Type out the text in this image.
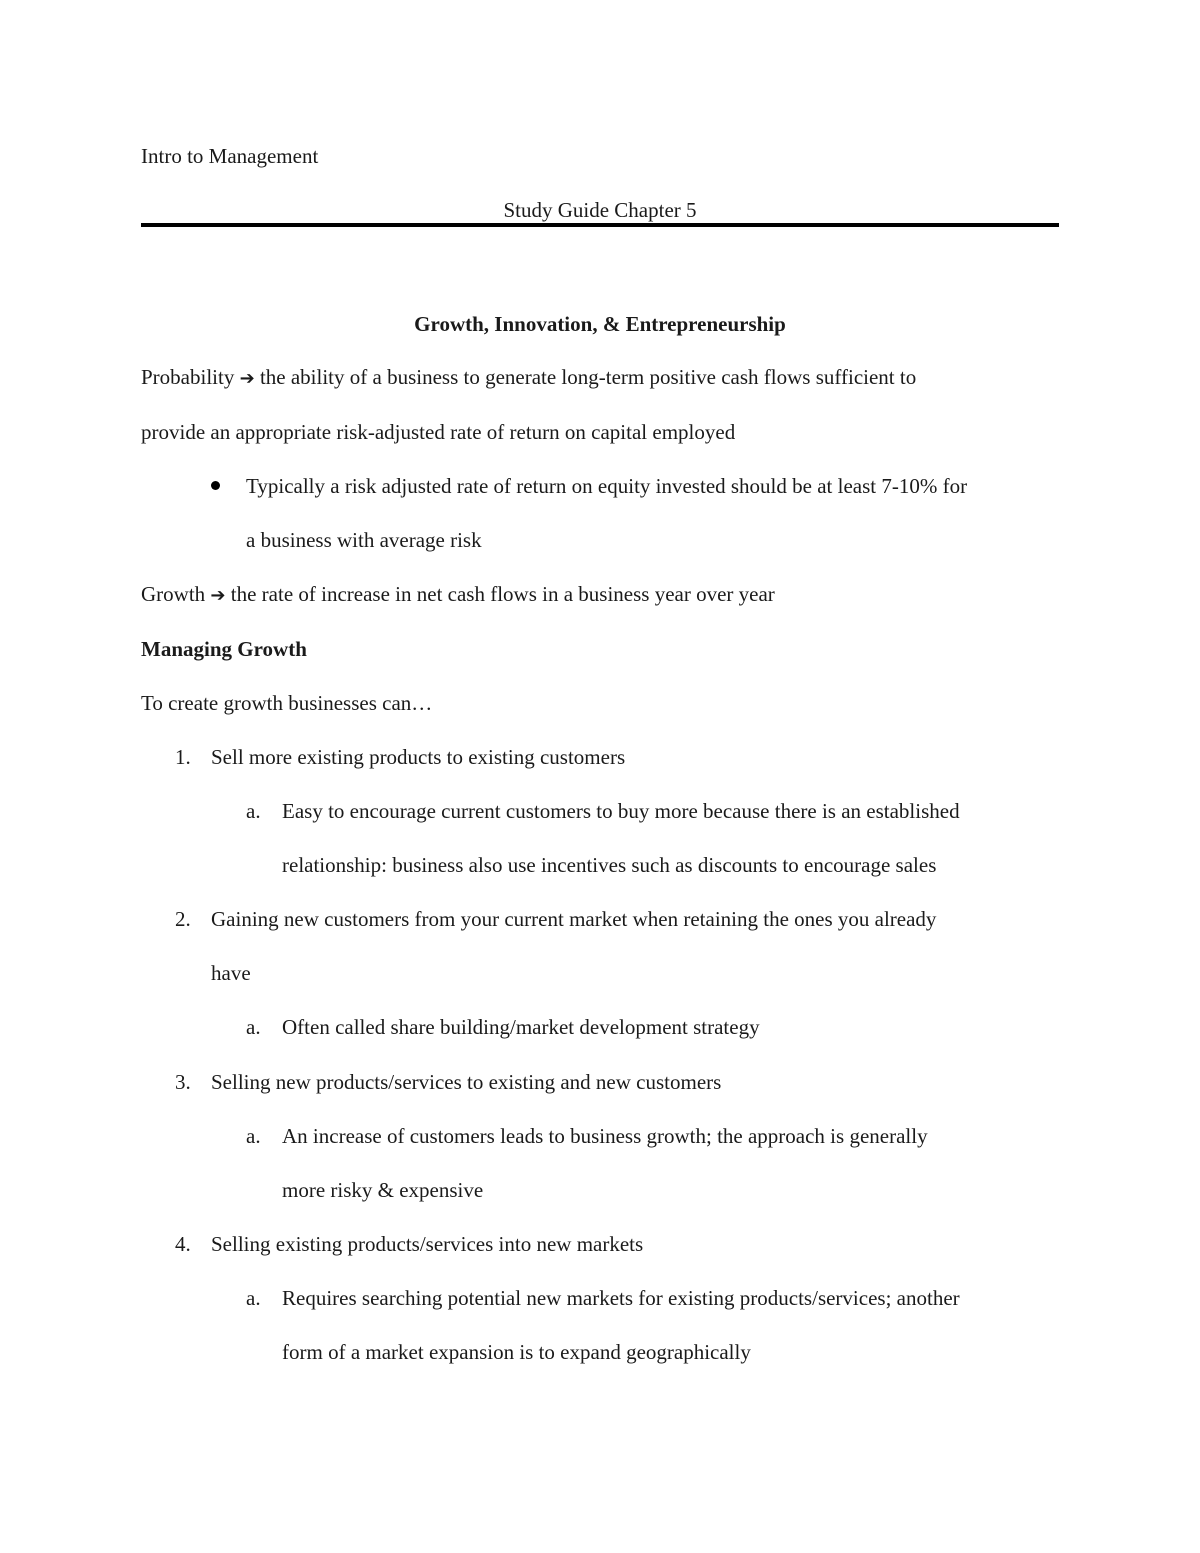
Intro to Management
Study Guide Chapter 5
Growth, Innovation, & Entrepreneurship
Probability ➔ the ability of a business to generate long-term positive cash flows sufficient to
provide an appropriate risk-adjusted rate of return on capital employed
Typically a risk adjusted rate of return on equity invested should be at least 7-10% for
a business with average risk
Growth ➔ the rate of increase in net cash flows in a business year over year
Managing Growth
To create growth businesses can…
1. Sell more existing products to existing customers
a. Easy to encourage current customers to buy more because there is an established
relationship: business also use incentives such as discounts to encourage sales
2. Gaining new customers from your current market when retaining the ones you already
have
a. Often called share building/market development strategy
3. Selling new products/services to existing and new customers
a. An increase of customers leads to business growth; the approach is generally
more risky & expensive
4. Selling existing products/services into new markets
a. Requires searching potential new markets for existing products/services; another
form of a market expansion is to expand geographically
